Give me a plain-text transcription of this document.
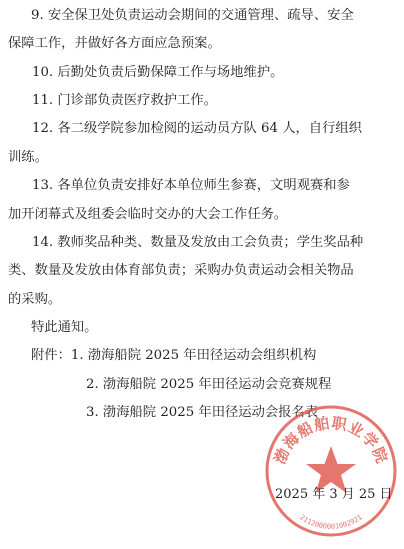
9. 安全保卫处负责运动会期间的交通管理、疏导、安全
保障工作，并做好各方面应急预案。
10. 后勤处负责后勤保障工作与场地维护。
11. 门诊部负责医疗救护工作。
12. 各二级学院参加检阅的运动员方队 64 人，自行组织
训练。
13. 各单位负责安排好本单位师生参赛，文明观赛和参
加开闭幕式及组委会临时交办的大会工作任务。
14. 教师奖品种类、数量及发放由工会负责；学生奖品种
类、数量及发放由体育部负责；采购办负责运动会相关物品
的采购。
特此通知。
附件：1. 渤海船院 2025 年田径运动会组织机构
2. 渤海船院 2025 年田径运动会竞赛规程
3. 渤海船院 2025 年田径运动会报名表
渤海船舶职业学院
2112000001002921
2025 年 3 月 25 日
